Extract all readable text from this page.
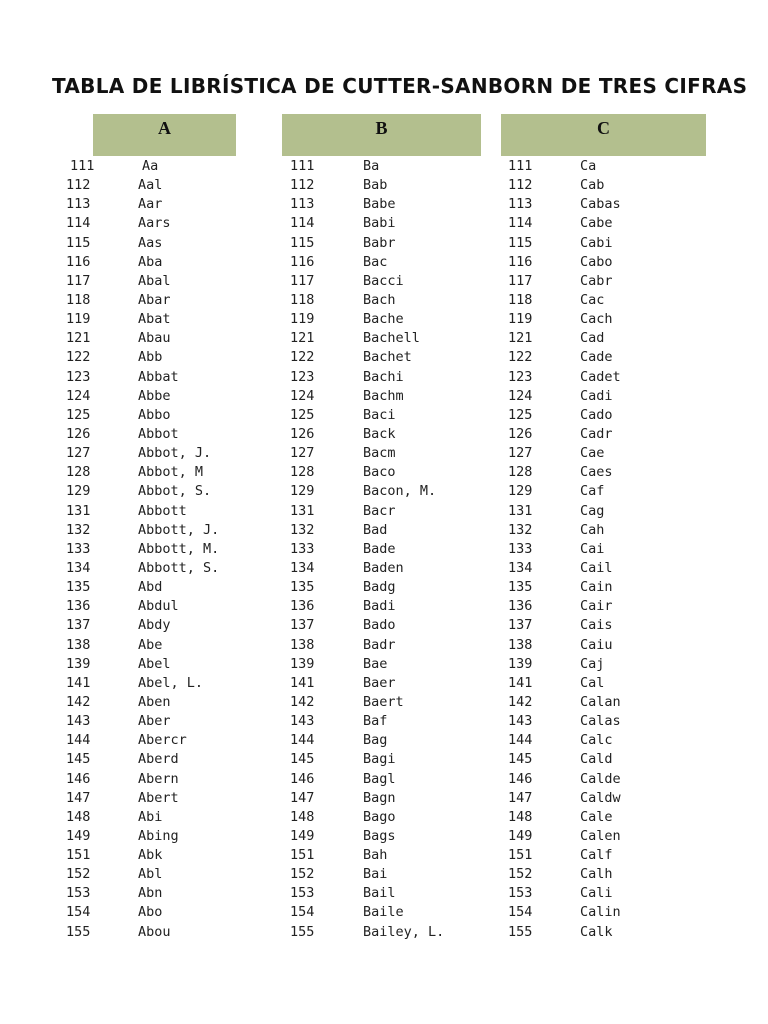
TABLA DE LIBRÍSTICA DE CUTTER-SANBORN DE TRES CIFRAS
A	B	C
111	Aa
112	Aal
113	Aar
114	Aars
115	Aas
116	Aba
117	Abal
118	Abar
119	Abat
121	Abau
122	Abb
123	Abbat
124	Abbe
125	Abbo
126	Abbot
127	Abbot, J.
128	Abbot, M
129	Abbot, S.
131	Abbott
132	Abbott, J.
133	Abbott, M.
134	Abbott, S.
135	Abd
136	Abdul
137	Abdy
138	Abe
139	Abel
141	Abel, L.
142	Aben
143	Aber
144	Abercr
145	Aberd
146	Abern
147	Abert
148	Abi
149	Abing
151	Abk
152	Abl
153	Abn
154	Abo
155	Abou
111	Ba
112	Bab
113	Babe
114	Babi
115	Babr
116	Bac
117	Bacci
118	Bach
119	Bache
121	Bachell
122	Bachet
123	Bachi
124	Bachm
125	Baci
126	Back
127	Bacm
128	Baco
129	Bacon, M.
131	Bacr
132	Bad
133	Bade
134	Baden
135	Badg
136	Badi
137	Bado
138	Badr
139	Bae
141	Baer
142	Baert
143	Baf
144	Bag
145	Bagi
146	Bagl
147	Bagn
148	Bago
149	Bags
151	Bah
152	Bai
153	Bail
154	Baile
155	Bailey, L.
111	Ca
112	Cab
113	Cabas
114	Cabe
115	Cabi
116	Cabo
117	Cabr
118	Cac
119	Cach
121	Cad
122	Cade
123	Cadet
124	Cadi
125	Cado
126	Cadr
127	Cae
128	Caes
129	Caf
131	Cag
132	Cah
133	Cai
134	Cail
135	Cain
136	Cair
137	Cais
138	Caiu
139	Caj
141	Cal
142	Calan
143	Calas
144	Calc
145	Cald
146	Calde
147	Caldw
148	Cale
149	Calen
151	Calf
152	Calh
153	Cali
154	Calin
155	Calk
